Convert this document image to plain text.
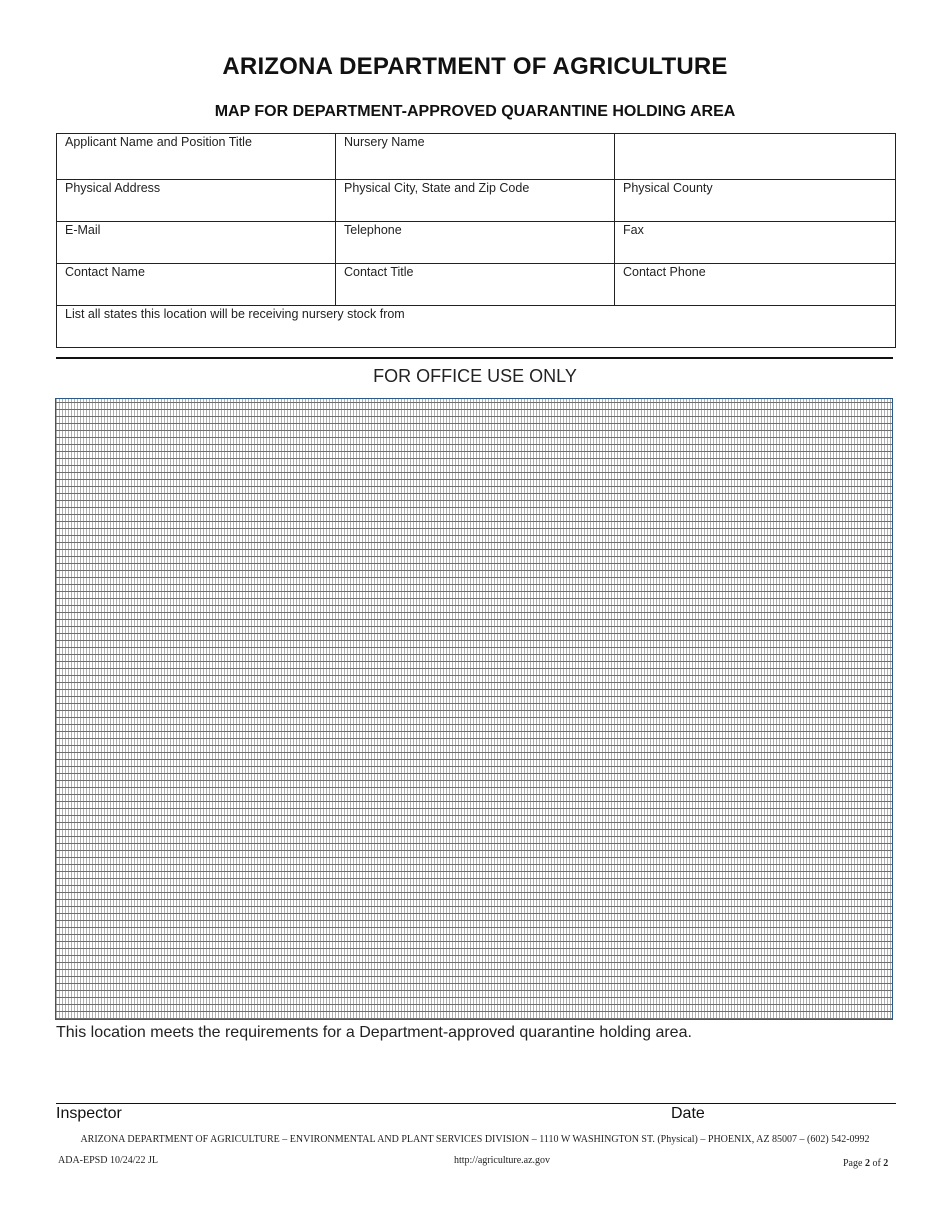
ARIZONA DEPARTMENT OF AGRICULTURE
MAP FOR DEPARTMENT-APPROVED QUARANTINE HOLDING AREA
Applicant Name and Position Title	Nursery Name	
Physical Address	Physical City, State and Zip Code	Physical County
E-Mail	Telephone	Fax
Contact Name	Contact Title	Contact Phone
List all states this location will be receiving nursery stock from		
FOR OFFICE USE ONLY
This location meets the requirements for a Department-approved quarantine holding area.
Inspector	Date
ARIZONA DEPARTMENT OF AGRICULTURE – ENVIRONMENTAL AND PLANT SERVICES DIVISION – 1110 W WASHINGTON ST. (Physical) – PHOENIX, AZ 85007 – (602) 542-0992
ADA-EPSD 10/24/22 JL	http://agriculture.az.gov	Page 2 of 2
